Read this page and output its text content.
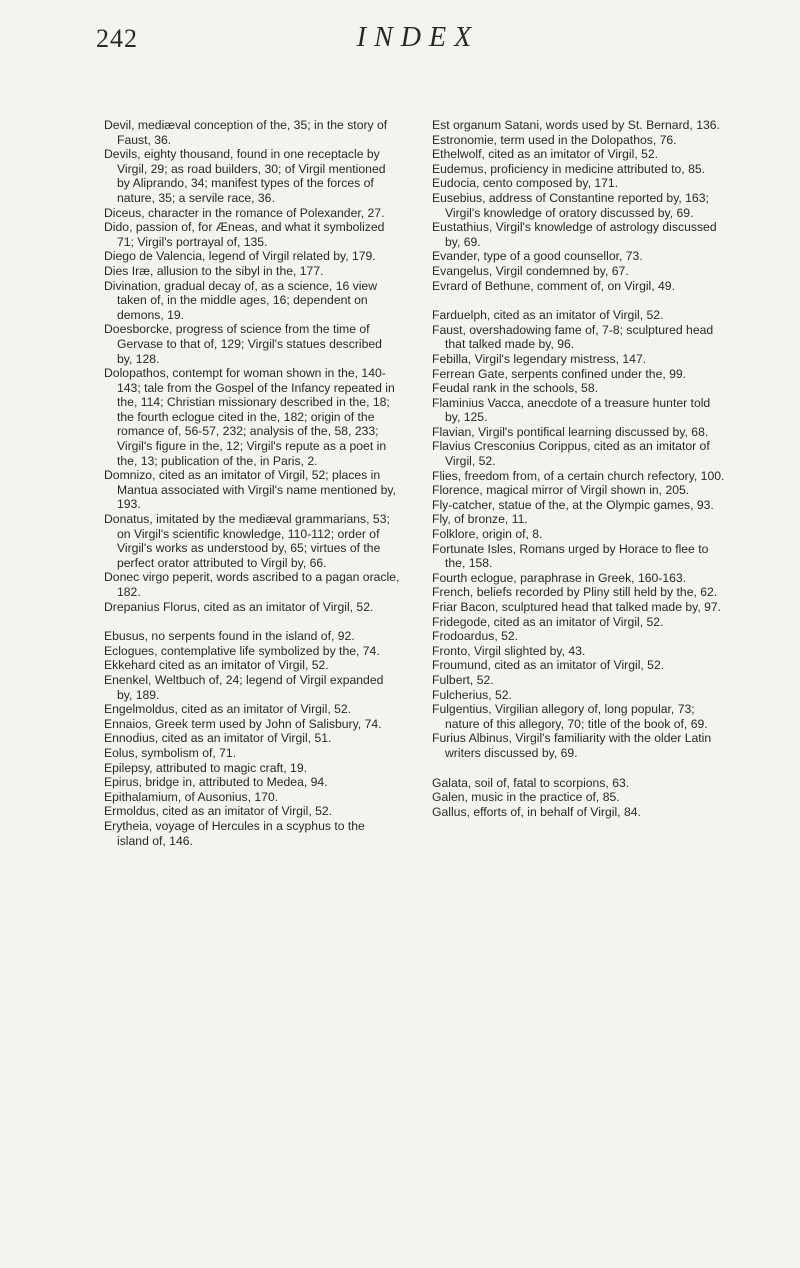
242	INDEX

Devil, mediæval conception of the, 35; in the story of Faust, 36.

Devils, eighty thousand, found in one receptacle by Virgil, 29; as road builders, 30; of Virgil mentioned by Aliprando, 34; manifest types of the forces of nature, 35; a servile race, 36.

Diceus, character in the romance of Polexander, 27.

Dido, passion of, for Æneas, and what it symbolized 71; Virgil's portrayal of, 135.

Diego de Valencia, legend of Virgil related by, 179.

Dies Iræ, allusion to the sibyl in the, 177.

Divination, gradual decay of, as a science, 16 view taken of, in the middle ages, 16; dependent on demons, 19.

Doesborcke, progress of science from the time of Gervase to that of, 129; Virgil's statues described by, 128.

Dolopathos, contempt for woman shown in the, 140-143; tale from the Gospel of the Infancy repeated in the, 114; Christian missionary described in the, 18; the fourth eclogue cited in the, 182; origin of the romance of, 56-57, 232; analysis of the, 58, 233; Virgil's figure in the, 12; Virgil's repute as a poet in the, 13; publication of the, in Paris, 2.

Domnizo, cited as an imitator of Virgil, 52; places in Mantua associated with Virgil's name mentioned by, 193.

Donatus, imitated by the mediæval grammarians, 53; on Virgil's scientific knowledge, 110-112; order of Virgil's works as understood by, 65; virtues of the perfect orator attributed to Virgil by, 66.

Donec virgo peperit, words ascribed to a pagan oracle, 182.

Drepanius Florus, cited as an imitator of Virgil, 52.

Ebusus, no serpents found in the island of, 92.

Eclogues, contemplative life symbolized by the, 74.

Ekkehard cited as an imitator of Virgil, 52.

Enenkel, Weltbuch of, 24; legend of Virgil expanded by, 189.

Engelmoldus, cited as an imitator of Virgil, 52.

Ennaios, Greek term used by John of Salisbury, 74.

Ennodius, cited as an imitator of Virgil, 51.

Eolus, symbolism of, 71.

Epilepsy, attributed to magic craft, 19.

Epirus, bridge in, attributed to Medea, 94.

Epithalamium, of Ausonius, 170.

Ermoldus, cited as an imitator of Virgil, 52.

Erytheia, voyage of Hercules in a scyphus to the island of, 146.

Est organum Satani, words used by St. Bernard, 136.

Estronomie, term used in the Dolopathos, 76.

Ethelwolf, cited as an imitator of Virgil, 52.

Eudemus, proficiency in medicine attributed to, 85.

Eudocia, cento composed by, 171.

Eusebius, address of Constantine reported by, 163; Virgil's knowledge of oratory discussed by, 69.

Eustathius, Virgil's knowledge of astrology discussed by, 69.

Evander, type of a good counsellor, 73.

Evangelus, Virgil condemned by, 67.

Evrard of Bethune, comment of, on Virgil, 49.

Farduelph, cited as an imitator of Virgil, 52.

Faust, overshadowing fame of, 7-8; sculptured head that talked made by, 96.

Febilla, Virgil's legendary mistress, 147.

Ferrean Gate, serpents confined under the, 99.

Feudal rank in the schools, 58.

Flaminius Vacca, anecdote of a treasure hunter told by, 125.

Flavian, Virgil's pontifical learning discussed by, 68.

Flavius Cresconius Corippus, cited as an imitator of Virgil, 52.

Flies, freedom from, of a certain church refectory, 100.

Florence, magical mirror of Virgil shown in, 205.

Fly-catcher, statue of the, at the Olympic games, 93.

Fly, of bronze, 11.

Folklore, origin of, 8.

Fortunate Isles, Romans urged by Horace to flee to the, 158.

Fourth eclogue, paraphrase in Greek, 160-163.

French, beliefs recorded by Pliny still held by the, 62.

Friar Bacon, sculptured head that talked made by, 97.

Fridegode, cited as an imitator of Virgil, 52.

Frodoardus, 52.

Fronto, Virgil slighted by, 43.

Froumund, cited as an imitator of Virgil, 52.

Fulbert, 52.

Fulcherius, 52.

Fulgentius, Virgilian allegory of, long popular, 73; nature of this allegory, 70; title of the book of, 69.

Furius Albinus, Virgil's familiarity with the older Latin writers discussed by, 69.

Galata, soil of, fatal to scorpions, 63.

Galen, music in the practice of, 85.

Gallus, efforts of, in behalf of Virgil, 84.
